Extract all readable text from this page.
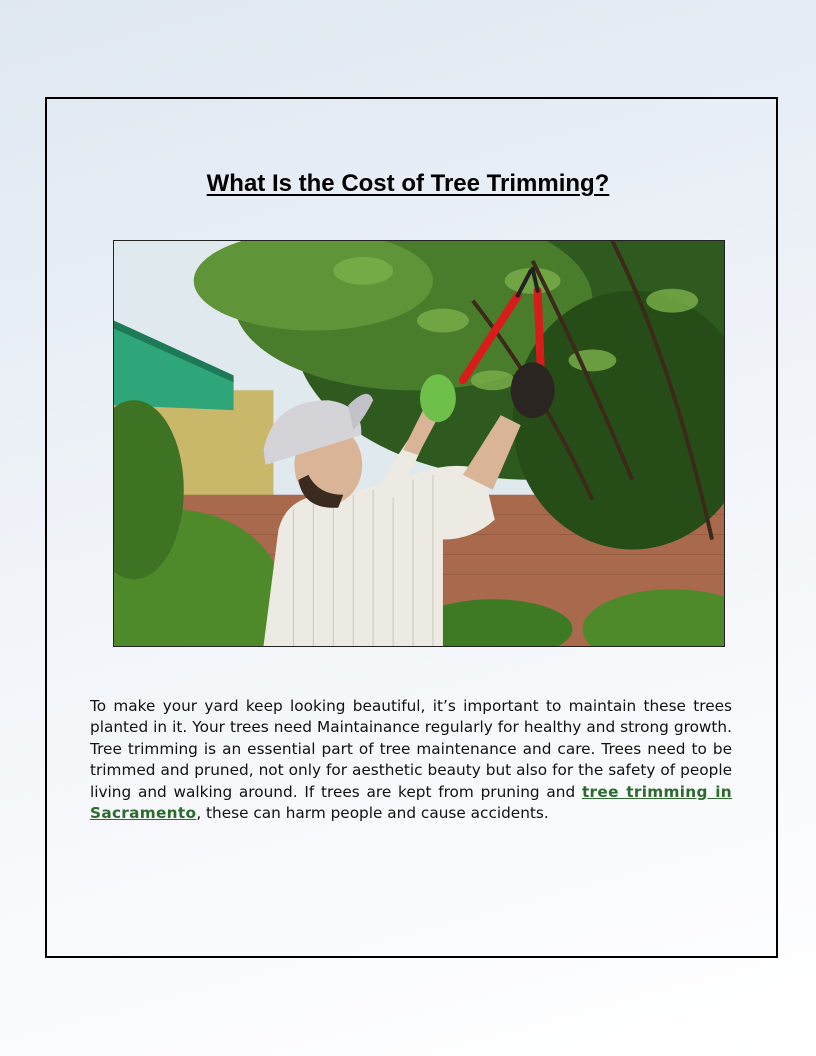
What Is the Cost of Tree Trimming?

To make your yard keep looking beautiful, it’s important to maintain these trees planted in it. Your trees need Maintainance regularly for healthy and strong growth. Tree trimming is an essential part of tree maintenance and care. Trees need to be trimmed and pruned, not only for aesthetic beauty but also for the safety of people living and walking around. If trees are kept from pruning and tree trimming in Sacramento, these can harm people and cause accidents.
